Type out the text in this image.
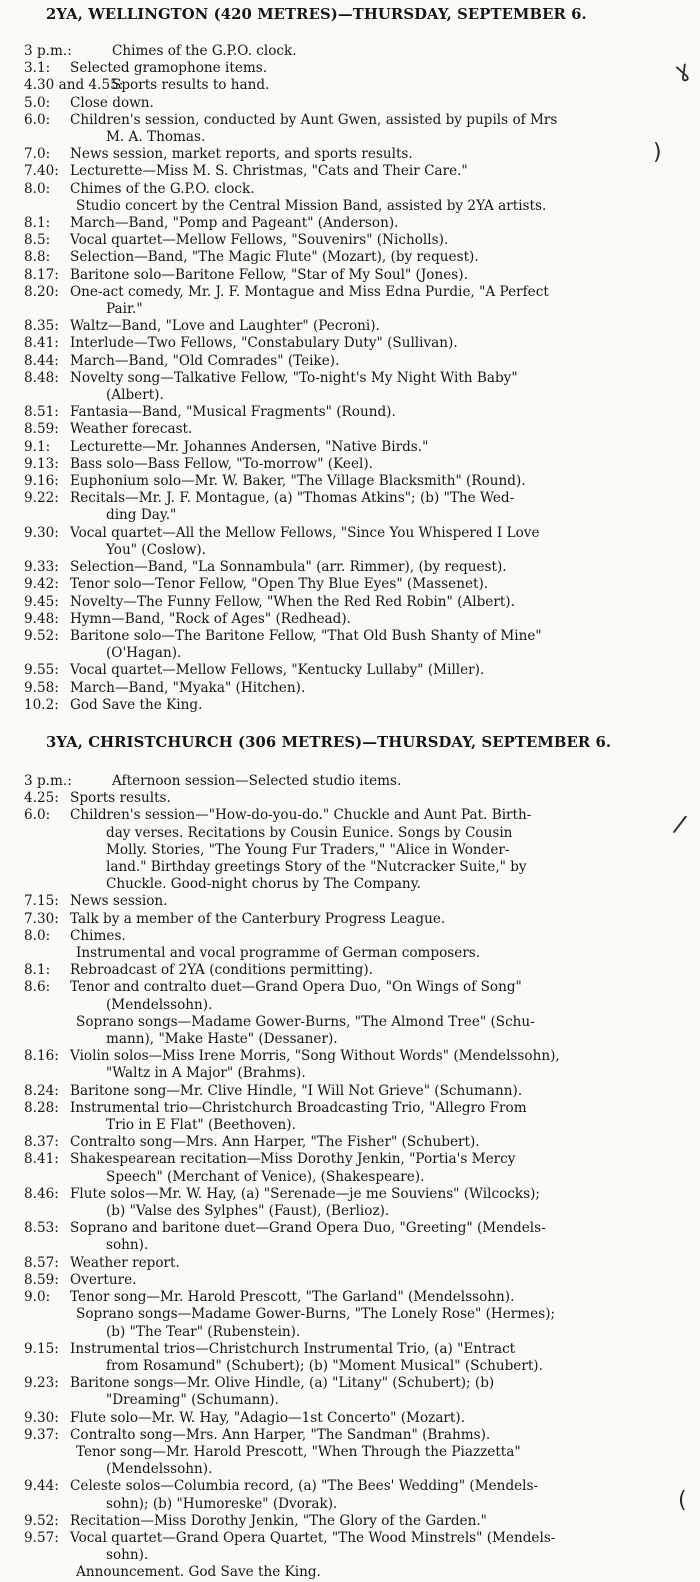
2YA, WELLINGTON (420 METRES)—THURSDAY, SEPTEMBER 6.
3 p.m.:	Chimes of the G.P.O. clock.
3.1: Selected gramophone items.
4.30 and 4.55:
Sports results to hand.
5.0: Close down.
6.0: Children's session, conducted by Aunt Gwen, assisted by pupils of Mrs
M. A. Thomas.
7.0: News session, market reports, and sports results.
7.40: Lecturette—Miss M. S. Christmas, "Cats and Their Care."
8.0: Chimes of the G.P.O. clock.
Studio concert by the Central Mission Band, assisted by 2YA artists.
8.1: March—Band, "Pomp and Pageant" (Anderson).
8.5: Vocal quartet—Mellow Fellows, "Souvenirs" (Nicholls).
8.8: Selection—Band, "The Magic Flute" (Mozart), (by request).
8.17: Baritone solo—Baritone Fellow, "Star of My Soul" (Jones).
8.20: One-act comedy, Mr. J. F. Montague and Miss Edna Purdie, "A Perfect
Pair."
8.35: Waltz—Band, "Love and Laughter" (Pecroni).
8.41: Interlude—Two Fellows, "Constabulary Duty" (Sullivan).
8.44: March—Band, "Old Comrades" (Teike).
8.48: Novelty song—Talkative Fellow, "To-night's My Night With Baby"
(Albert).
8.51: Fantasia—Band, "Musical Fragments" (Round).
8.59: Weather forecast.
9.1: Lecturette—Mr. Johannes Andersen, "Native Birds."
9.13: Bass solo—Bass Fellow, "To-morrow" (Keel).
9.16: Euphonium solo—Mr. W. Baker, "The Village Blacksmith" (Round).
9.22: Recitals—Mr. J. F. Montague, (a) "Thomas Atkins"; (b) "The Wed-
ding Day."
9.30: Vocal quartet—All the Mellow Fellows, "Since You Whispered I Love
You" (Coslow).
9.33: Selection—Band, "La Sonnambula" (arr. Rimmer), (by request).
9.42: Tenor solo—Tenor Fellow, "Open Thy Blue Eyes" (Massenet).
9.45: Novelty—The Funny Fellow, "When the Red Red Robin" (Albert).
9.48: Hymn—Band, "Rock of Ages" (Redhead).
9.52: Baritone solo—The Baritone Fellow, "That Old Bush Shanty of Mine"
(O'Hagan).
9.55: Vocal quartet—Mellow Fellows, "Kentucky Lullaby" (Miller).
9.58: March—Band, "Myaka" (Hitchen).
10.2: God Save the King.
3YA, CHRISTCHURCH (306 METRES)—THURSDAY, SEPTEMBER 6.
3 p.m.:	Afternoon session—Selected studio items.
4.25: Sports results.
6.0: Children's session—"How-do-you-do." Chuckle and Aunt Pat. Birth-
day verses. Recitations by Cousin Eunice. Songs by Cousin
Molly. Stories, "The Young Fur Traders," "Alice in Wonder-
land." Birthday greetings Story of the "Nutcracker Suite," by
Chuckle. Good-night chorus by The Company.
7.15: News session.
7.30: Talk by a member of the Canterbury Progress League.
8.0: Chimes.
Instrumental and vocal programme of German composers.
8.1: Rebroadcast of 2YA (conditions permitting).
8.6: Tenor and contralto duet—Grand Opera Duo, "On Wings of Song"
(Mendelssohn).
Soprano songs—Madame Gower-Burns, "The Almond Tree" (Schu-
mann), "Make Haste" (Dessaner).
8.16: Violin solos—Miss Irene Morris, "Song Without Words" (Mendelssohn),
"Waltz in A Major" (Brahms).
8.24: Baritone song—Mr. Clive Hindle, "I Will Not Grieve" (Schumann).
8.28: Instrumental trio—Christchurch Broadcasting Trio, "Allegro From
Trio in E Flat" (Beethoven).
8.37: Contralto song—Mrs. Ann Harper, "The Fisher" (Schubert).
8.41: Shakespearean recitation—Miss Dorothy Jenkin, "Portia's Mercy
Speech" (Merchant of Venice), (Shakespeare).
8.46: Flute solos—Mr. W. Hay, (a) "Serenade—je me Souviens" (Wilcocks);
(b) "Valse des Sylphes" (Faust), (Berlioz).
8.53: Soprano and baritone duet—Grand Opera Duo, "Greeting" (Mendels-
sohn).
8.57: Weather report.
8.59: Overture.
9.0: Tenor song—Mr. Harold Prescott, "The Garland" (Mendelssohn).
Soprano songs—Madame Gower-Burns, "The Lonely Rose" (Hermes);
(b) "The Tear" (Rubenstein).
9.15: Instrumental trios—Christchurch Instrumental Trio, (a) "Entract
from Rosamund" (Schubert); (b) "Moment Musical" (Schubert).
9.23: Baritone songs—Mr. Olive Hindle, (a) "Litany" (Schubert); (b)
"Dreaming" (Schumann).
9.30: Flute solo—Mr. W. Hay, "Adagio—1st Concerto" (Mozart).
9.37: Contralto song—Mrs. Ann Harper, "The Sandman" (Brahms).
Tenor song—Mr. Harold Prescott, "When Through the Piazzetta"
(Mendelssohn).
9.44: Celeste solos—Columbia record, (a) "The Bees' Wedding" (Mendels-
sohn); (b) "Humoreske" (Dvorak).
9.52: Recitation—Miss Dorothy Jenkin, "The Glory of the Garden."
9.57: Vocal quartet—Grand Opera Quartet, "The Wood Minstrels" (Mendels-
sohn).
Announcement. God Save the King.
ɣ
)
/
(
